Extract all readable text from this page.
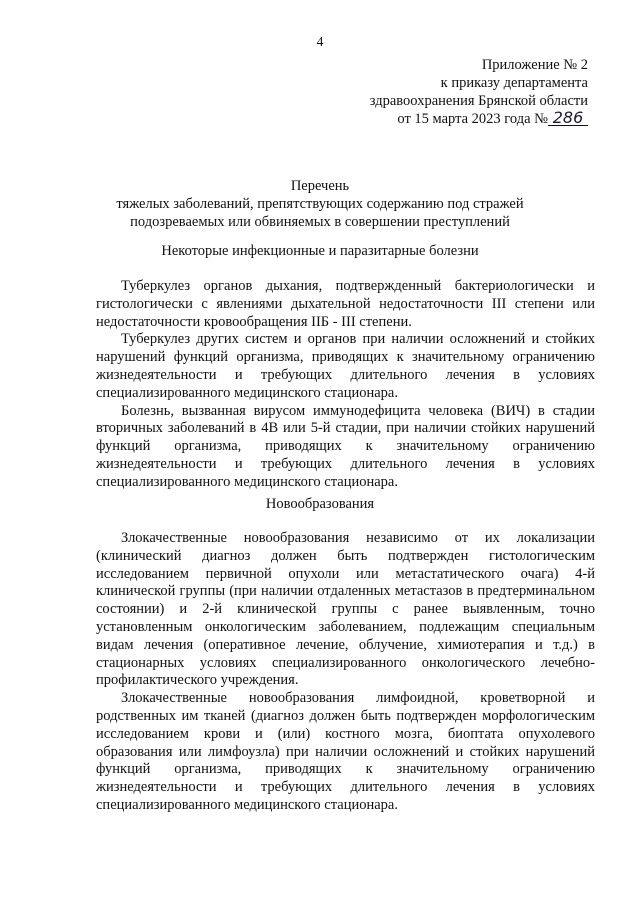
4
Приложение № 2
к приказу департамента
здравоохранения Брянской области
от 15 марта 2023 года № 286
Перечень
тяжелых заболеваний, препятствующих содержанию под стражей
подозреваемых или обвиняемых в совершении преступлений
Некоторые инфекционные и паразитарные болезни

Туберкулез органов дыхания, подтвержденный бактериологически и гистологически с явлениями дыхательной недостаточности III степени или недостаточности кровообращения IIБ - III степени.

Туберкулез других систем и органов при наличии осложнений и стойких нарушений функций организма, приводящих к значительному ограничению жизнедеятельности и требующих длительного лечения в условиях специализированного медицинского стационара.

Болезнь, вызванная вирусом иммунодефицита человека (ВИЧ) в стадии вторичных заболеваний в 4В или 5-й стадии, при наличии стойких нарушений функций организма, приводящих к значительному ограничению жизнедеятельности и требующих длительного лечения в условиях специализированного медицинского стационара.

Новообразования

Злокачественные новообразования независимо от их локализации (клинический диагноз должен быть подтвержден гистологическим исследованием первичной опухоли или метастатического очага) 4-й клинической группы (при наличии отдаленных метастазов в предтерминальном состоянии) и 2-й клинической группы с ранее выявленным, точно установленным онкологическим заболеванием, подлежащим специальным видам лечения (оперативное лечение, облучение, химиотерапия и т.д.) в стационарных условиях специализированного онкологического лечебно-профилактического учреждения.

Злокачественные новообразования лимфоидной, кроветворной и родственных им тканей (диагноз должен быть подтвержден морфологическим исследованием крови и (или) костного мозга, биоптата опухолевого образования или лимфоузла) при наличии осложнений и стойких нарушений функций организма, приводящих к значительному ограничению жизнедеятельности и требующих длительного лечения в условиях специализированного медицинского стационара.
